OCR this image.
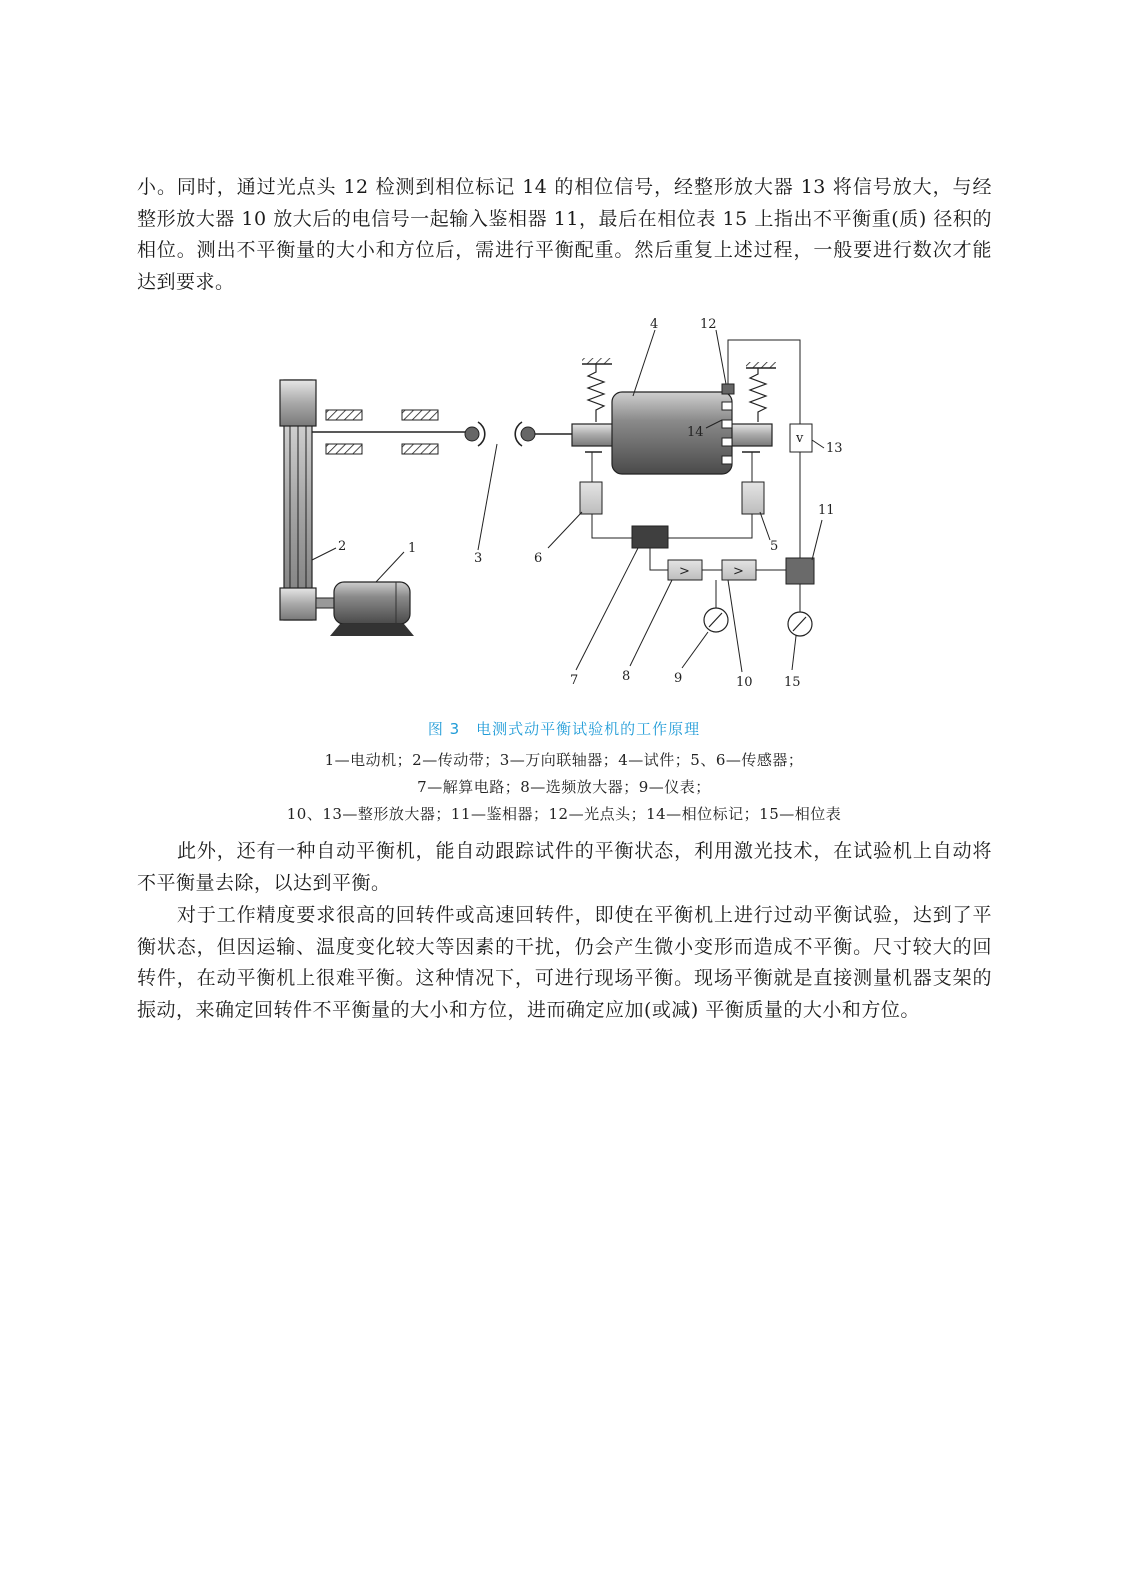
小。同时，通过光点头 12 检测到相位标记 14 的相位信号，经整形放大器 13 将信号放大，与经整形放大器 10 放大后的电信号一起输入鉴相器 11，最后在相位表 15 上指出不平衡重(质) 径积的相位。测出不平衡量的大小和方位后，需进行平衡配重。然后重复上述过程，一般要进行数次才能达到要求。

>	>
v
1
2
3
4
5
6
7	8	9	10
11
12
13
14
15

图 3　电测式动平衡试验机的工作原理

1—电动机；2—传动带；3—万向联轴器；4—试件；5、6—传感器；

7—解算电路；8—选频放大器；9—仪表；

10、13—整形放大器；11—鉴相器；12—光点头；14—相位标记；15—相位表

此外，还有一种自动平衡机，能自动跟踪试件的平衡状态，利用激光技术，在试验机上自动将不平衡量去除，以达到平衡。

对于工作精度要求很高的回转件或高速回转件，即使在平衡机上进行过动平衡试验，达到了平衡状态，但因运输、温度变化较大等因素的干扰，仍会产生微小变形而造成不平衡。尺寸较大的回转件，在动平衡机上很难平衡。这种情况下，可进行现场平衡。现场平衡就是直接测量机器支架的振动，来确定回转件不平衡量的大小和方位，进而确定应加(或减) 平衡质量的大小和方位。
